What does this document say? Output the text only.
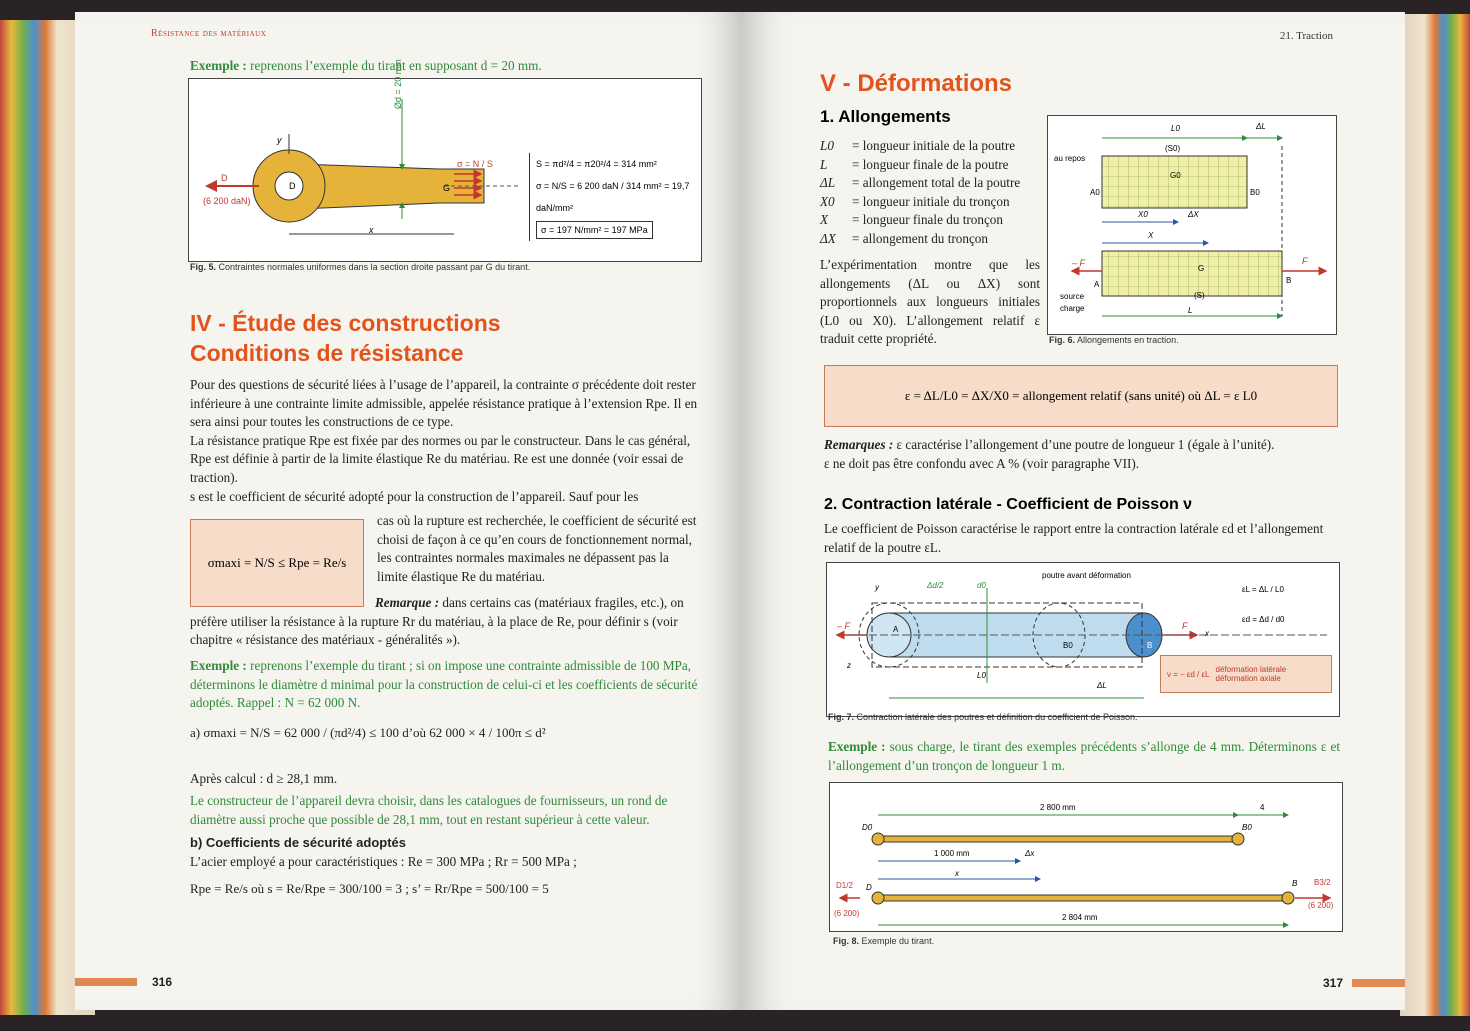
Résistance des matériaux
Exemple : reprenons l’exemple du tirant en supposant d = 20 mm.
Ød = 20 mm
D
(6 200 daN)
D	G
σ = N / S
x
y
S = πd²/4 = π20²/4 = 314 mm²
σ = N/S = 6 200 daN / 314 mm² = 19,7 daN/mm²
σ = 197 N/mm² = 197 MPa
Fig. 5. Contraintes normales uniformes dans la section droite passant par G du tirant.
IV - Étude des constructions
Conditions de résistance
Pour des questions de sécurité liées à l’usage de l’appareil, la contrainte σ précédente doit rester inférieure à une contrainte limite admissible, appelée résistance pratique à l’extension Rpe. Il en sera ainsi pour toutes les constructions de ce type.
La résistance pratique Rpe est fixée par des normes ou par le constructeur. Dans le cas général, Rpe est définie à partir de la limite élastique Re du matériau. Re est une donnée (voir essai de traction).
s est le coefficient de sécurité adopté pour la construction de l’appareil. Sauf pour les
σmaxi = N/S ≤ Rpe = Re/s
cas où la rupture est recherchée, le coefficient de sécurité est choisi de façon à ce qu’en cours de fonctionnement normal, les contraintes normales maximales ne dépassent pas la limite élastique Re du matériau.
Remarque : dans certains cas (matériaux fragiles, etc.), on préfère utiliser la résistance à la rupture Rr du matériau, à la place de Re, pour définir s (voir chapitre « résistance des matériaux - généralités »).
Exemple : reprenons l’exemple du tirant ; si on impose une contrainte admissible de 100 MPa, déterminons le diamètre d minimal pour la construction de celui-ci et les coefficients de sécurité adoptés. Rappel : N = 62 000 N.
a) σmaxi = N/S = 62 000 / (πd²/4) ≤ 100 d’où 62 000 × 4 / 100π ≤ d²
Après calcul : d ≥ 28,1 mm.
Le constructeur de l’appareil devra choisir, dans les catalogues de fournisseurs, un rond de diamètre aussi proche que possible de 28,1 mm, tout en restant supérieur à cette valeur.
b) Coefficients de sécurité adoptés
L’acier employé a pour caractéristiques : Re = 300 MPa ; Rr = 500 MPa ;
Rpe = Re/s où s = Re/Rpe = 300/100 = 3 ; s’ = Rr/Rpe = 500/100 = 5
316
21. Traction
V - Déformations
1. Allongements
L0	= longueur initiale de la poutre
L	= longueur finale de la poutre
ΔL	= allongement total de la poutre
X0	= longueur initiale du tronçon
X	= longueur finale du tronçon
ΔX	= allongement du tronçon
L’expérimentation montre que les allongements (ΔL ou ΔX) sont proportionnels aux longueurs initiales (L0 ou X0). L’allongement relatif ε traduit cette propriété.
au repos
source
charge
L0	ΔL
(S0)
(S)
X0	ΔX
X
L
A0	B0
G0
A	B
G
F
– F
Fig. 6. Allongements en traction.
ε = ΔL/L0 = ΔX/X0 = allongement relatif (sans unité) où ΔL = ε L0
Remarques : ε caractérise l’allongement d’une poutre de longueur 1 (égale à l’unité).
ε ne doit pas être confondu avec A % (voir paragraphe VII).
2. Contraction latérale - Coefficient de Poisson ν
Le coefficient de Poisson caractérise le rapport entre la contraction latérale εd et l’allongement relatif de la poutre εL.
poutre avant déformation
εL = ΔL / L0
εd = Δd / d0
L0
ΔL
d0
Δd/2
A
B
B0
F
– F
x
y
z
ν = – εd / εL déformation latérale
déformation axiale
Fig. 7. Contraction latérale des poutres et définition du coefficient de Poisson.
Exemple : sous charge, le tirant des exemples précédents s’allonge de 4 mm. Déterminons ε et l’allongement d’un tronçon de longueur 1 m.
2 800 mm	4
1 000 mm	Δx
x
2 804 mm
D0	B0
D	B
D1/2	B3/2
(6 200)
(6 200)
Fig. 8. Exemple du tirant.
317
